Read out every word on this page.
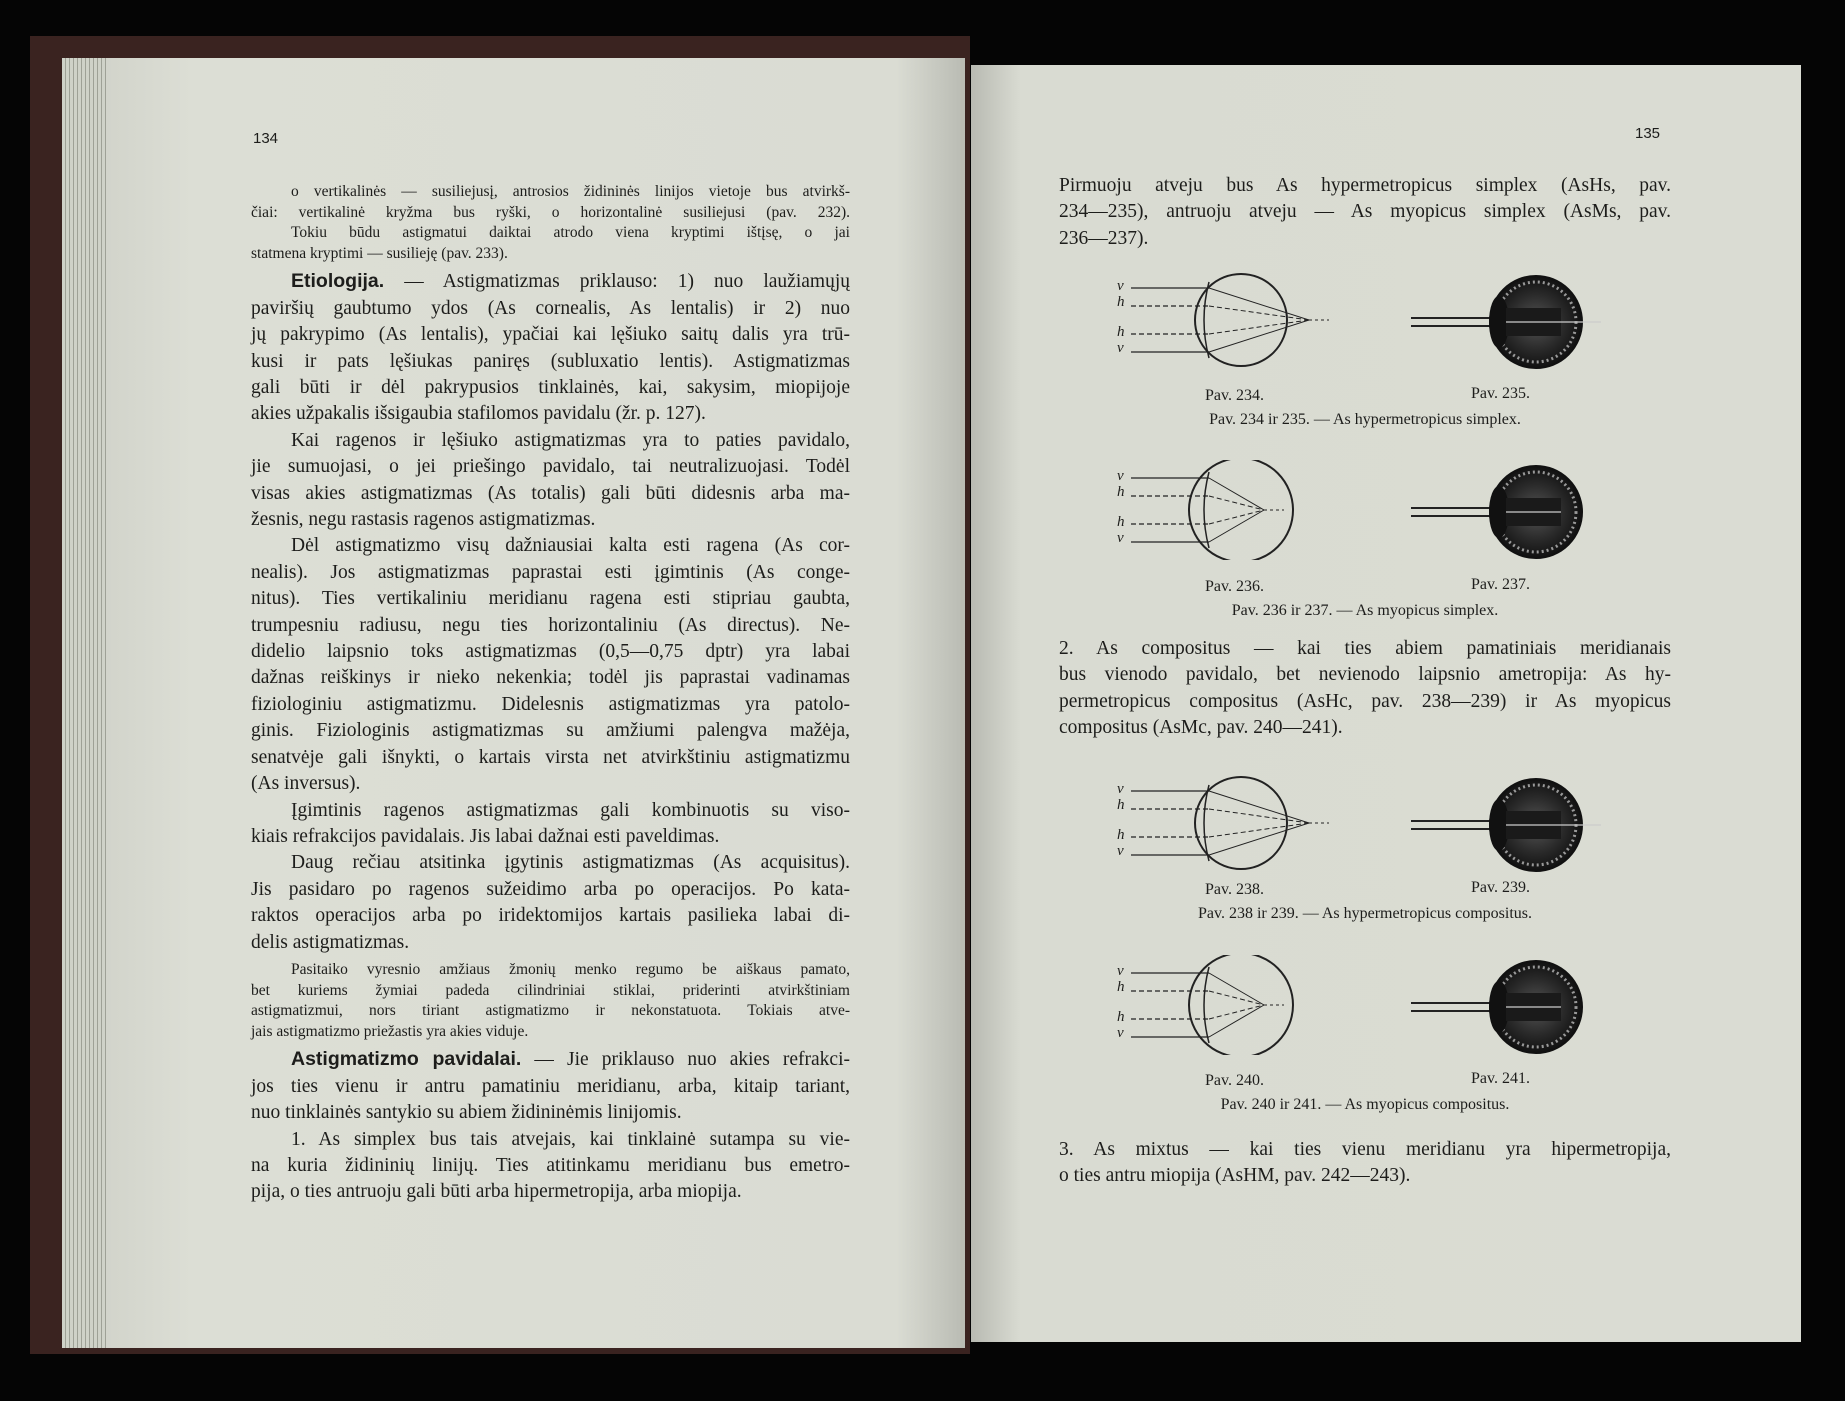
134
o vertikalinės — susiliejusį, antrosios židininės linijos vietoje bus atvirkš-
čiai: vertikalinė kryžma bus ryški, o horizontalinė susiliejusi (pav. 232).
Tokiu būdu astigmatui daiktai atrodo viena kryptimi ištįsę, o jai
statmena kryptimi — susilieję (pav. 233).
Etiologija. — Astigmatizmas priklauso: 1) nuo laužiamųjų
paviršių gaubtumo ydos (As cornealis, As lentalis) ir 2) nuo
jų pakrypimo (As lentalis), ypačiai kai lęšiuko saitų dalis yra trū-
kusi ir pats lęšiukas paniręs (subluxatio lentis). Astigmatizmas
gali būti ir dėl pakrypusios tinklainės, kai, sakysim, miopijoje
akies užpakalis išsigaubia stafilomos pavidalu (žr. p. 127).
Kai ragenos ir lęšiuko astigmatizmas yra to paties pavidalo,
jie sumuojasi, o jei priešingo pavidalo, tai neutralizuojasi. Todėl
visas akies astigmatizmas (As totalis) gali būti didesnis arba ma-
žesnis, negu rastasis ragenos astigmatizmas.
Dėl astigmatizmo visų dažniausiai kalta esti ragena (As cor-
nealis). Jos astigmatizmas paprastai esti įgimtinis (As conge-
nitus). Ties vertikaliniu meridianu ragena esti stipriau gaubta,
trumpesniu radiusu, negu ties horizontaliniu (As directus). Ne-
didelio laipsnio toks astigmatizmas (0,5—0,75 dptr) yra labai
dažnas reiškinys ir nieko nekenkia; todėl jis paprastai vadinamas
fiziologiniu astigmatizmu. Didelesnis astigmatizmas yra patolo-
ginis. Fiziologinis astigmatizmas su amžiumi palengva mažėja,
senatvėje gali išnykti, o kartais virsta net atvirkštiniu astigmatizmu
(As inversus).
Įgimtinis ragenos astigmatizmas gali kombinuotis su viso-
kiais refrakcijos pavidalais. Jis labai dažnai esti paveldimas.
Daug rečiau atsitinka įgytinis astigmatizmas (As acquisitus).
Jis pasidaro po ragenos sužeidimo arba po operacijos. Po kata-
raktos operacijos arba po iridektomijos kartais pasilieka labai di-
delis astigmatizmas.
Pasitaiko vyresnio amžiaus žmonių menko regumo be aiškaus pamato,
bet kuriems žymiai padeda cilindriniai stiklai, priderinti atvirkštiniam
astigmatizmui, nors tiriant astigmatizmo ir nekonstatuota. Tokiais atve-
jais astigmatizmo priežastis yra akies viduje.
Astigmatizmo pavidalai. — Jie priklauso nuo akies refrakci-
jos ties vienu ir antru pamatiniu meridianu, arba, kitaip tariant,
nuo tinklainės santykio su abiem židininėmis linijomis.
1. As simplex bus tais atvejais, kai tinklainė sutampa su vie-
na kuria židininių linijų. Ties atitinkamu meridianu bus emetro-
pija, o ties antruoju gali būti arba hipermetropija, arba miopija.
135
Pirmuoju atveju bus As hypermetropicus simplex (AsHs, pav.
234—235), antruoju atveju — As myopicus simplex (AsMs, pav.
236—237).
2. As compositus — kai ties abiem pamatiniais meridianais
bus vienodo pavidalo, bet nevienodo laipsnio ametropija: As hy-
permetropicus compositus (AsHc, pav. 238—239) ir As myopicus
compositus (AsMc, pav. 240—241).
3. As mixtus — kai ties vienu meridianu yra hipermetropija,
o ties antru miopija (AsHM, pav. 242—243).
v
h
h
v
Pav. 234.	Pav. 235.
Pav. 234 ir 235. — As hypermetropicus simplex.
v
h
h
v
Pav. 236.	Pav. 237.
Pav. 236 ir 237. — As myopicus simplex.
v
h
h
v
Pav. 238.	Pav. 239.
Pav. 238 ir 239. — As hypermetropicus compositus.
v
h
h
v
Pav. 240.	Pav. 241.
Pav. 240 ir 241. — As myopicus compositus.
